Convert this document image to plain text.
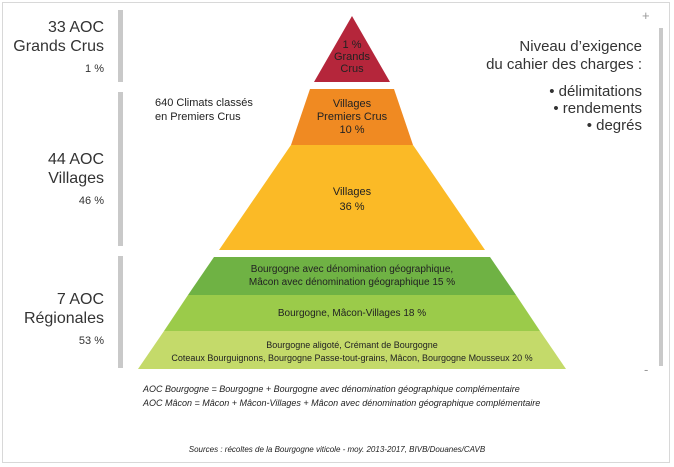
33 AOC
Grands Crus
1 %
44 AOC
Villages
46 %
7 AOC
Régionales
53 %
1 %
Grands
Crus
Villages
Premiers Crus
10 %
Villages
36 %
Bourgogne avec dénomination géographique,
Mâcon avec dénomination géographique 15 %
Bourgogne, Mâcon-Villages 18 %
Bourgogne aligoté, Crémant de Bourgogne
Coteaux Bourguignons, Bourgogne Passe-tout-grains, Mâcon, Bourgogne Mousseux 20 %
640 Climats classés
en Premiers Crus
+
-
Niveau d’exigence
du cahier des charges :
• délimitations
• rendements
• degrés
AOC Bourgogne = Bourgogne + Bourgogne avec dénomination géographique complémentaire
AOC Mâcon = Mâcon + Mâcon-Villages + Mâcon avec dénomination géographique complémentaire
Sources : récoltes de la Bourgogne viticole - moy. 2013-2017, BIVB/Douanes/CAVB
